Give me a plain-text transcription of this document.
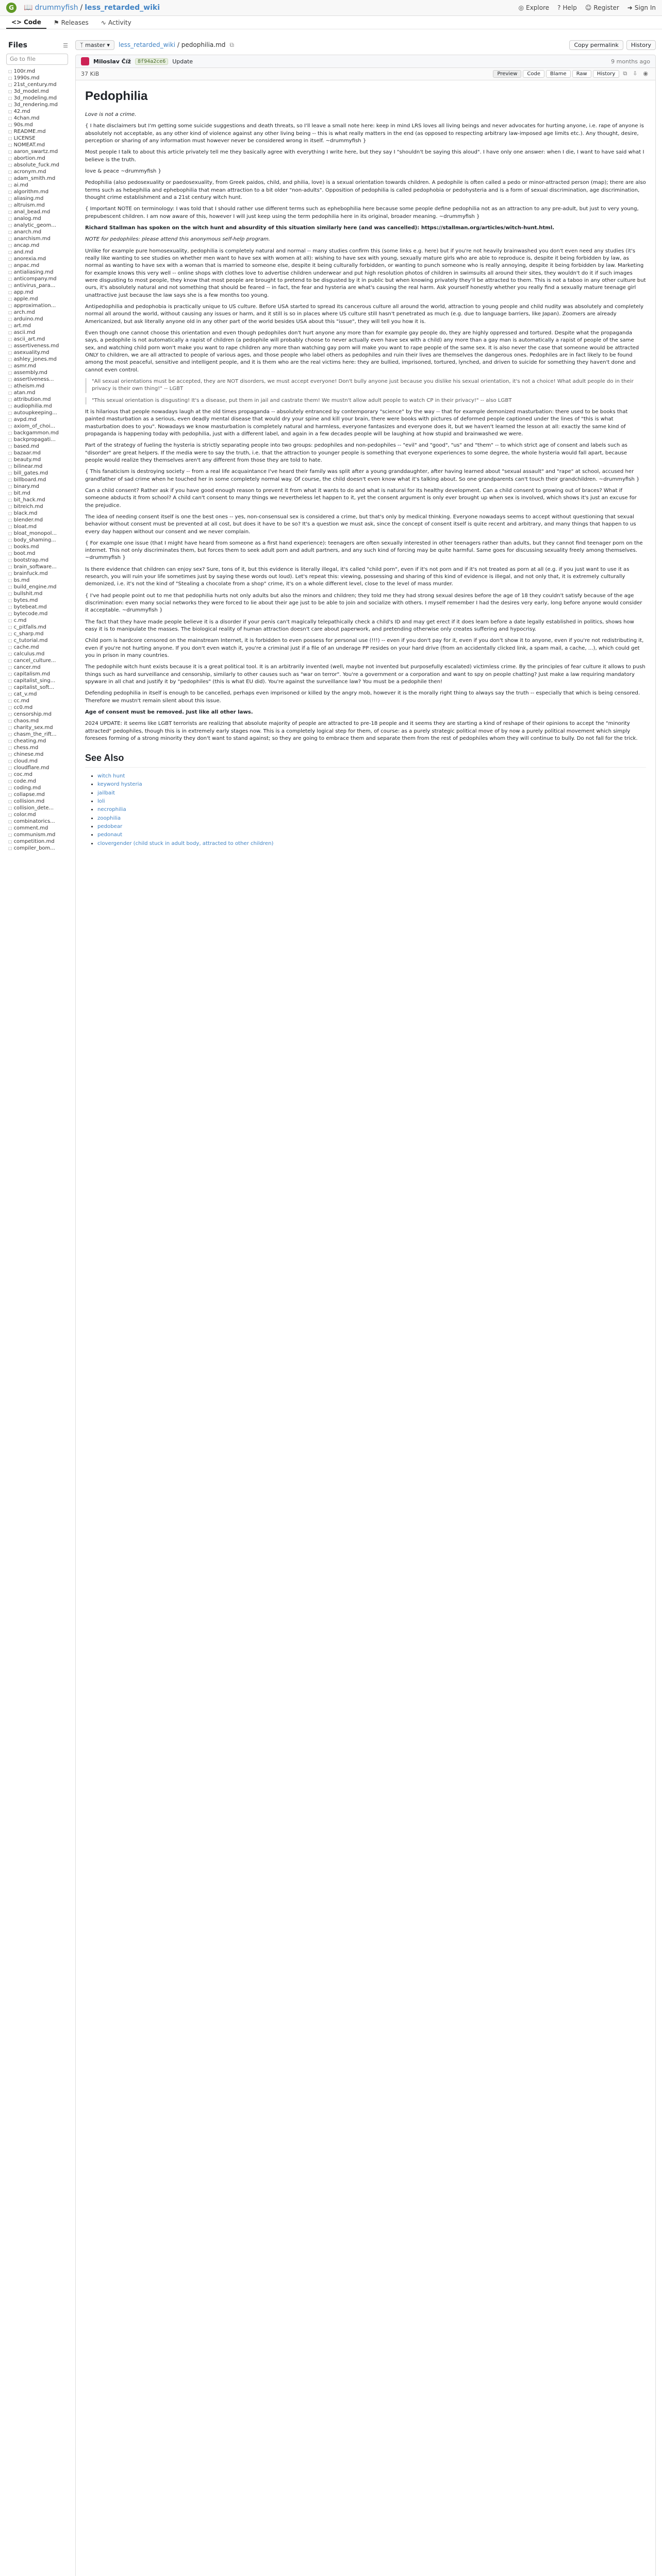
G	📖 drummyfish / less_retarded_wiki	◎ Explore ? Help ☺ Register ➜ Sign In
<> Code ⚑ Releases ∿ Activity
Files	☰
Go to file
□ 100r.md
□ 1990s.md
□ 21st_century.md
□ 3d_model.md
□ 3d_modeling.md
□ 3d_rendering.md
□ 42.md
□ 4chan.md
□ 90s.md
□ README.md
□ LICENSE
□ NOMEAT.md
□ aaron_swartz.md
□ abortion.md
□ absolute_fuck.md
□ acronym.md
□ adam_smith.md
□ ai.md
□ algorithm.md
□ aliasing.md
□ altruism.md
□ anal_bead.md
□ analog.md
□ analytic_geom...
□ anarch.md
□ anarchism.md
□ ancap.md
□ and.md
□ anorexia.md
□ anpac.md
□ antialiasing.md
□ anticompany.md
□ antivirus_para...
□ app.md
□ apple.md
□ approximation...
□ arch.md
□ arduino.md
□ art.md
□ ascii.md
□ ascii_art.md
□ assertiveness.md
□ asexuality.md
□ ashley_jones.md
□ asmr.md
□ assembly.md
□ assertiveness...
□ atheism.md
□ atan.md
□ attribution.md
□ audiophilia.md
□ autoupkeeping...
□ avpd.md
□ axiom_of_choi...
□ backgammon.md
□ backpropagati...
□ based.md
□ bazaar.md
□ beauty.md
□ bilinear.md
□ bill_gates.md
□ billboard.md
□ binary.md
□ bit.md
□ bit_hack.md
□ bitreich.md
□ black.md
□ blender.md
□ bloat.md
□ bloat_monopol...
□ body_shaming...
□ books.md
□ boot.md
□ bootstrap.md
□ brain_software...
□ brainfuck.md
□ bs.md
□ build_engine.md
□ bullshit.md
□ bytes.md
□ bytebeat.md
□ bytecode.md
□ c.md
□ c_pitfalls.md
□ c_sharp.md
□ c_tutorial.md
□ cache.md
□ calculus.md
□ cancel_culture...
□ cancer.md
□ capitalism.md
□ capitalist_sing...
□ capitalist_soft...
□ cat_v.md
□ cc.md
□ cc0.md
□ censorship.md
□ chaos.md
□ charity_sex.md
□ chasm_the_rift...
□ cheating.md
□ chess.md
□ chinese.md
□ cloud.md
□ cloudflare.md
□ coc.md
□ code.md
□ coding.md
□ collapse.md
□ collision.md
□ collision_dete...
□ color.md
□ combinatorics...
□ comment.md
□ communism.md
□ competition.md
□ compiler_bom...
ᛉ master ▾	less_retarded_wiki / pedophilia.md ⧉	Copy permalink	History
Miloslav Číž	8f94a2ce6	Update	9 months ago
37 KiB	Preview	Code	Blame	Raw	History	⧉	⇩	◉
Pedophilia

Love is not a crime.

{ I hate disclaimers but I'm getting some suicide suggestions and death threats, so I'll leave a small note here: keep in mind LRS loves all living beings and never advocates for hurting anyone, i.e. rape of anyone is absolutely not acceptable, as any other kind of violence against any other living being -- this is what really matters in the end (as opposed to respecting arbitrary law-imposed age limits etc.). Any thought, desire, perception or sharing of any information must however never be considered wrong in itself. ~drummyfish }

Most people I talk to about this article privately tell me they basically agree with everything I write here, but they say I "shouldn't be saying this aloud". I have only one answer: when I die, I want to have said what I believe is the truth.

love & peace ~drummyfish }

Pedophilia (also pedosexuality or paedosexuality, from Greek paidos, child, and philia, love) is a sexual orientation towards children. A pedophile is often called a pedo or minor-attracted person (map); there are also terms such as hebephilia and ephebophilia that mean attraction to a bit older "non-adults". Opposition of pedophilia is called pedophobia or pedohysteria and is a form of sexual discrimination, age discrimination, thought crime establishment and a 21st century witch hunt.

{ Important NOTE on terminology: I was told that I should rather use different terms such as ephebophilia here because some people define pedophilia not as an attraction to any pre-adult, but just to very young, prepubescent children. I am now aware of this, however I will just keep using the term pedophilia here in its original, broader meaning. ~drummyfish }

Richard Stallman has spoken on the witch hunt and absurdity of this situation similarly here (and was cancelled): https://stallman.org/articles/witch-hunt.html.

NOTE for pedophiles: please attend this anonymous self-help program.

Unlike for example pure homosexuality, pedophilia is completely natural and normal -- many studies confirm this (some links e.g. here) but if you're not heavily brainwashed you don't even need any studies (it's really like wanting to see studies on whether men want to have sex with women at all): wishing to have sex with young, sexually mature girls who are able to reproduce is, despite it being forbidden by law, as normal as wanting to have sex with a woman that is married to someone else, despite it being culturally forbidden, or wanting to punch someone who is really annoying, despite it being forbidden by law. Marketing for example knows this very well -- online shops with clothes love to advertise children underwear and put high resolution photos of children in swimsuits all around their sites, they wouldn't do it if such images were disgusting to most people, they know that most people are brought to pretend to be disgusted by it in public but when knowing privately they'll be attracted to them. This is not a taboo in any other culture but ours, it's absolutely natural and not something that should be feared -- in fact, the fear and hysteria are what's causing the real harm. Ask yourself honestly whether you really find a sexually mature teenage girl unattractive just because the law says she is a few months too young.

Antipedophilia and pedophobia is practically unique to US culture. Before USA started to spread its cancerous culture all around the world, attraction to young people and child nudity was absolutely and completely normal all around the world, without causing any issues or harm, and it still is so in places where US culture still hasn't penetrated as much (e.g. due to language barriers, like Japan). Zoomers are already Americanized, but ask literally anyone old in any other part of the world besides USA about this "issue", they will tell you how it is.

Even though one cannot choose this orientation and even though pedophiles don't hurt anyone any more than for example gay people do, they are highly oppressed and tortured. Despite what the propaganda says, a pedophile is not automatically a rapist of children (a pedophile will probably choose to never actually even have sex with a child) any more than a gay man is automatically a rapist of people of the same sex, and watching child porn won't make you want to rape children any more than watching gay porn will make you want to rape people of the same sex. It is also never the case that someone would be attracted ONLY to children, we are all attracted to people of various ages, and those people who label others as pedophiles and ruin their lives are themselves the dangerous ones. Pedophiles are in fact likely to be found among the most peaceful, sensitive and intelligent people, and it is them who are the real victims here: they are bullied, imprisoned, tortured, lynched, and driven to suicide for something they haven't done and cannot even control.

"All sexual orientations must be accepted, they are NOT disorders, we must accept everyone! Don't bully anyone just because you dislike his sexual orientation, it's not a choice! What adult people do in their privacy is their own thing!" -- LGBT
"This sexual orientation is disgusting! It's a disease, put them in jail and castrate them! We mustn't allow adult people to watch CP in their privacy!" -- also LGBT

It is hilarious that people nowadays laugh at the old times propaganda -- absolutely entranced by contemporary "science" by the way -- that for example demonized masturbation: there used to be books that painted masturbation as a serious, even deadly mental disease that would dry your spine and kill your brain, there were books with pictures of deformed people captioned under the lines of "this is what masturbation does to you". Nowadays we know masturbation is completely natural and harmless, everyone fantasizes and everyone does it, but we haven't learned the lesson at all: exactly the same kind of propaganda is happening today with pedophilia, just with a different label, and again in a few decades people will be laughing at how stupid and brainwashed we were.

Part of the strategy of fueling the hysteria is strictly separating people into two groups: pedophiles and non-pedophiles -- "evil" and "good", "us" and "them" -- to which strict age of consent and labels such as "disorder" are great helpers. If the media were to say the truth, i.e. that the attraction to younger people is something that everyone experiences to some degree, the whole hysteria would fall apart, because people would realize they themselves aren't any different from those they are told to hate.

{ This fanaticism is destroying society -- from a real life acquaintance I've heard their family was split after a young granddaughter, after having learned about "sexual assault" and "rape" at school, accused her grandfather of sad crime when he touched her in some completely normal way. Of course, the child doesn't even know what it's talking about. So one grandparents can't touch their grandchildren. ~drummyfish }

Can a child consent? Rather ask if you have good enough reason to prevent it from what it wants to do and what is natural for its healthy development. Can a child consent to growing out of braces? What if someone abducts it from school? A child can't consent to many things we nevertheless let happen to it, yet the consent argument is only ever brought up when sex is involved, which shows it's just an excuse for the prejudice.

The idea of needing consent itself is one the best ones -- yes, non-consensual sex is considered a crime, but that's only by medical thinking. Everyone nowadays seems to accept without questioning that sexual behavior without consent must be prevented at all cost, but does it have to be so? It's a question we must ask, since the concept of consent itself is quite recent and arbitrary, and many things that happen to us every day happen without our consent and we never complain.

{ For example one issue (that I might have heard from someone as a first hand experience): teenagers are often sexually interested in other teenagers rather than adults, but they cannot find teenager porn on the internet. This not only discriminates them, but forces them to seek adult porn and adult partners, and any such kind of forcing may be quite harmful. Same goes for discussing sexuality freely among themselves. ~drummyfish }

Is there evidence that children can enjoy sex? Sure, tons of it, but this evidence is literally illegal, it's called "child porn", even if it's not porn and if it's not treated as porn at all (e.g. if you just want to use it as research, you will ruin your life sometimes just by saying these words out loud). Let's repeat this: viewing, possessing and sharing of this kind of evidence is illegal, and not only that, it is extremely culturally demonized, i.e. it's not the kind of "Stealing a chocolate from a shop" crime, it's on a whole different level, close to the level of mass murder.

{ I've had people point out to me that pedophilia hurts not only adults but also the minors and children; they told me they had strong sexual desires before the age of 18 they couldn't satisfy because of the age discrimination: even many social networks they were forced to lie about their age just to be able to join and socialize with others. I myself remember I had the desires very early, long before anyone would consider it acceptable. ~drummyfish }

The fact that they have made people believe it is a disorder if your penis can't magically telepathically check a child's ID and may get erect if it does learn before a date legally established in politics, shows how easy it is to manipulate the masses. The biological reality of human attraction doesn't care about paperwork, and pretending otherwise only creates suffering and hypocrisy.

Child porn is hardcore censored on the mainstream Internet, it is forbidden to even possess for personal use (!!!) -- even if you don't pay for it, even if you don't show it to anyone, even if you're not redistributing it, even if you're not hurting anyone. If you don't even watch it, you're a criminal just if a file of an underage PP resides on your hard drive (from an accidentally clicked link, a spam mail, a cache, ...), which could get you in prison in many countries.

The pedophile witch hunt exists because it is a great political tool. It is an arbitrarily invented (well, maybe not invented but purposefully escalated) victimless crime. By the principles of fear culture it allows to push things such as hard surveillance and censorship, similarly to other causes such as "war on terror". You're a government or a corporation and want to spy on people chatting? Just make a law requiring mandatory spyware in all chat and justify it by "pedophiles" (this is what EU did). You're against the surveillance law? You must be a pedophile then!

Defending pedophilia in itself is enough to be cancelled, perhaps even imprisoned or killed by the angry mob, however it is the morally right thing to always say the truth -- especially that which is being censored. Therefore we mustn't remain silent about this issue.

Age of consent must be removed. Just like all other laws.

2024 UPDATE: it seems like LGBT terrorists are realizing that absolute majority of people are attracted to pre-18 people and it seems they are starting a kind of reshape of their opinions to accept the "minority attracted" pedophiles, though this is in extremely early stages now. This is a completely logical step for them, of course: as a purely strategic political move of by now a purely political movement which simply foresees forming of a strong minority they don't want to stand against; so they are going to embrace them and separate them from the rest of pedophiles whom they will continue to bully. Do not fall for the trick.

See Also
• witch hunt
• keyword hysteria
• jailbait
• loli
• necrophilia
• zoophilia
• pedobear
• pedonaut
• clovergender (child stuck in adult body, attracted to other children)
